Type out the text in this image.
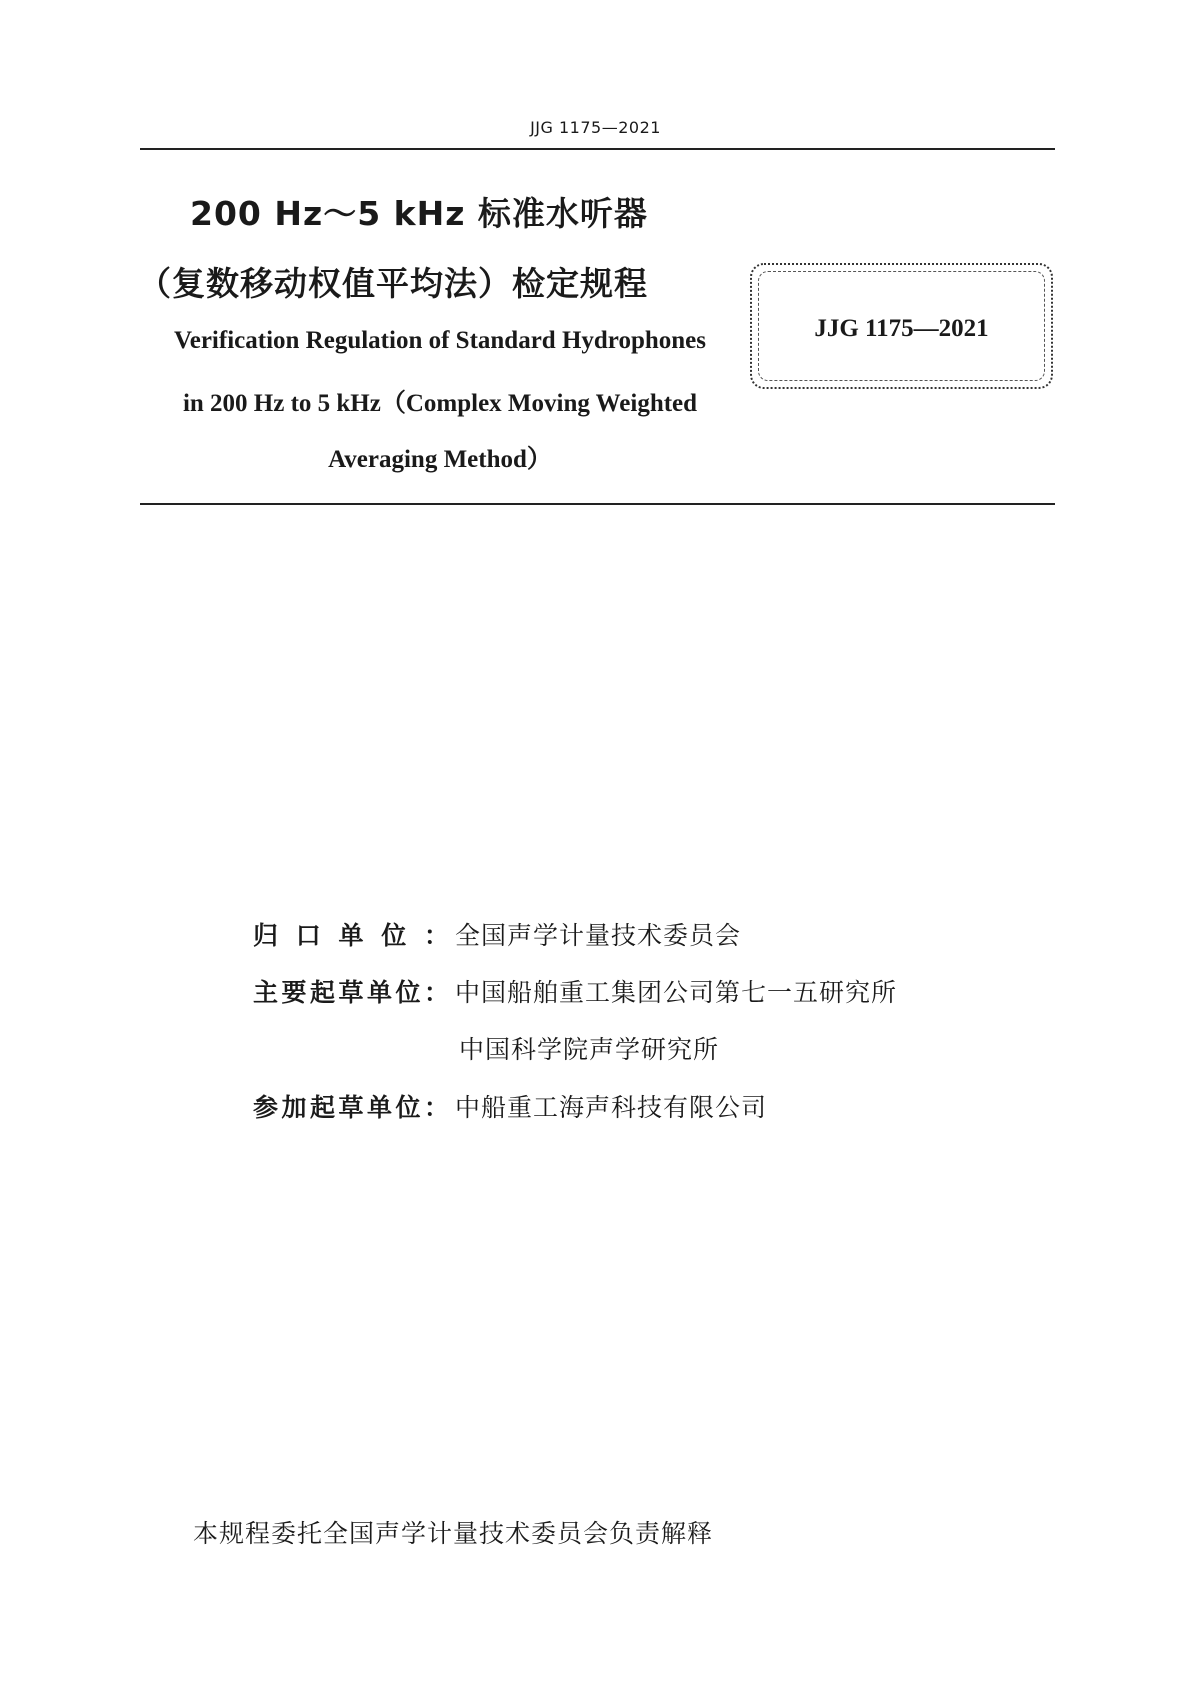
JJG 1175—2021
200 Hz～5 kHz 标准水听器
（复数移动权值平均法）检定规程
JJG 1175—2021
Verification Regulation of Standard Hydrophones
in 200 Hz to 5 kHz（Complex Moving Weighted
Averaging Method）
归口单位： 全国声学计量技术委员会
主要起草单位： 中国船舶重工集团公司第七一五研究所
中国科学院声学研究所
参加起草单位： 中船重工海声科技有限公司
本规程委托全国声学计量技术委员会负责解释
